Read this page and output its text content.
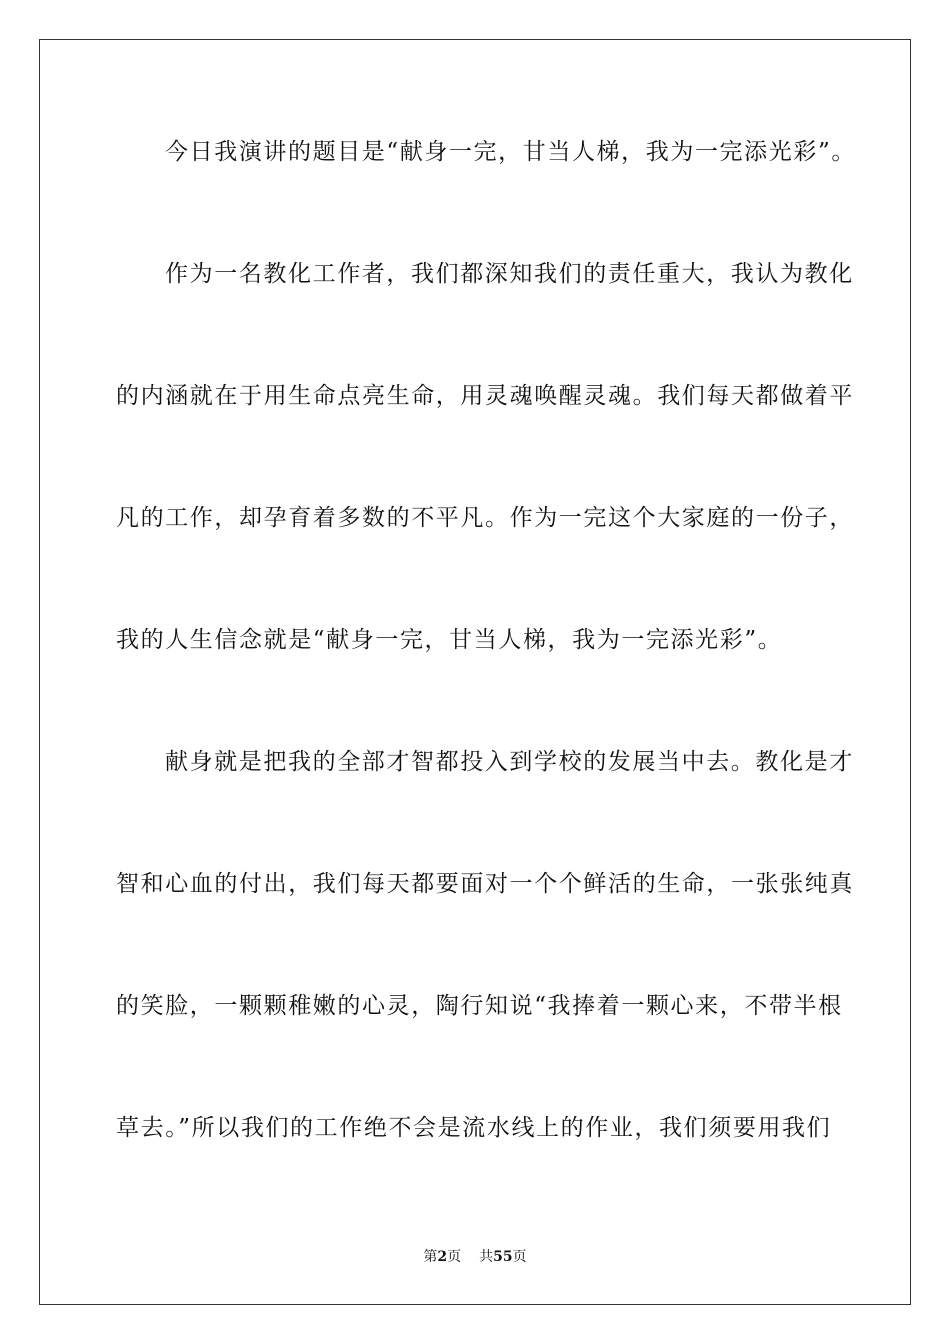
今日我演讲的题目是“献身一完，甘当人梯，我为一完添光彩”。
作为一名教化工作者，我们都深知我们的责任重大，我认为教化
的内涵就在于用生命点亮生命，用灵魂唤醒灵魂。我们每天都做着平
凡的工作，却孕育着多数的不平凡。作为一完这个大家庭的一份子，
我的人生信念就是“献身一完，甘当人梯，我为一完添光彩”。
献身就是把我的全部才智都投入到学校的发展当中去。教化是才
智和心血的付出，我们每天都要面对一个个鲜活的生命，一张张纯真
的笑脸，一颗颗稚嫩的心灵，陶行知说“我捧着一颗心来，不带半根
草去。”所以我们的工作绝不会是流水线上的作业，我们须要用我们
第2页 共55页
